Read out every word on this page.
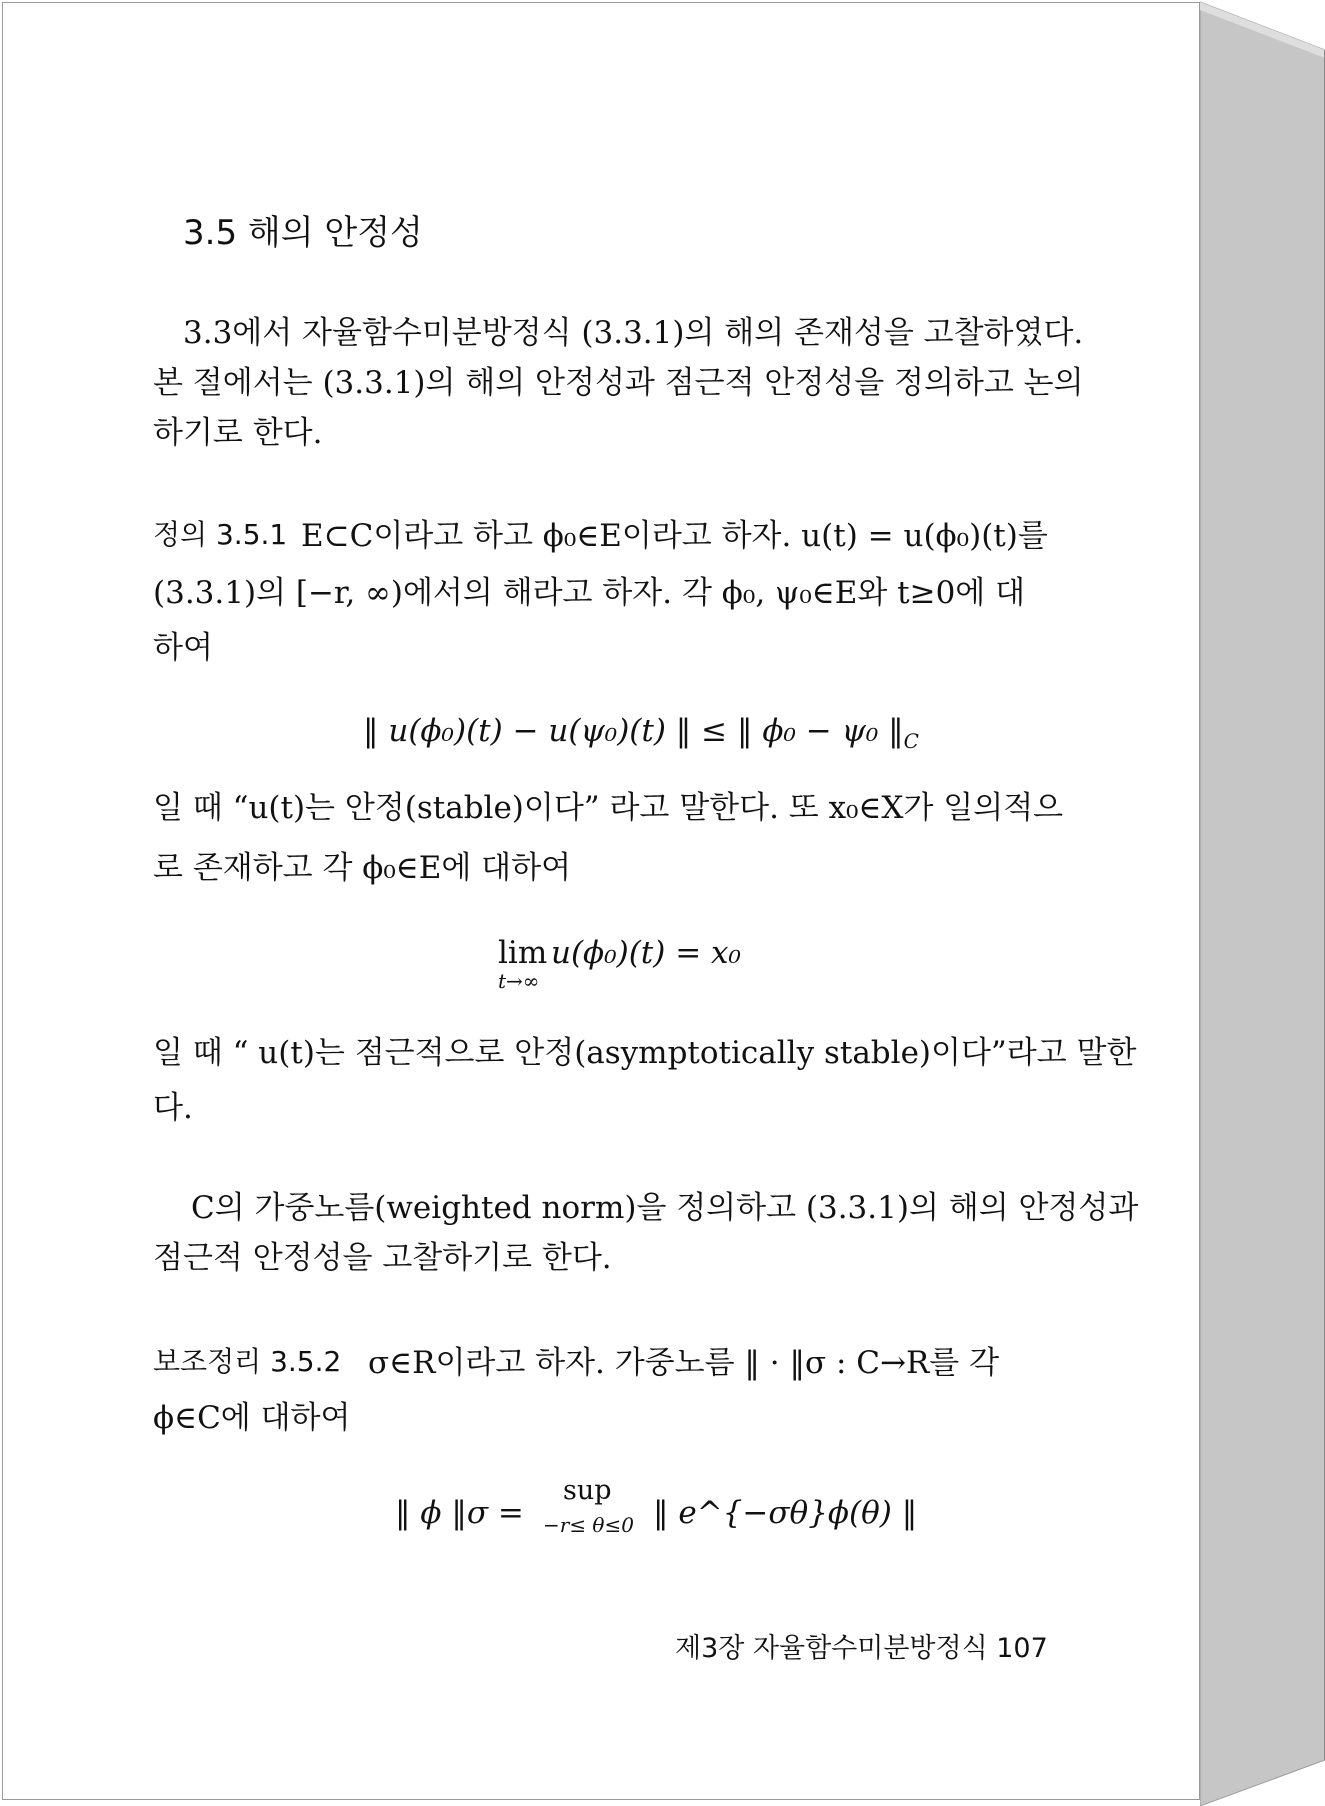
3.5 해의 안정성
3.3에서 자율함수미분방정식 (3.3.1)의 해의 존재성을 고찰하였다.
본 절에서는 (3.3.1)의 해의 안정성과 점근적 안정성을 정의하고 논의
하기로 한다.
정의 3.5.1 E⊂C이라고 하고 ϕ₀∈E이라고 하자. u(t) = u(ϕ₀)(t)를
(3.3.1)의 [−r, ∞)에서의 해라고 하자. 각 ϕ₀, ψ₀∈E와 t≥0에 대
하여
‖ u(ϕ₀)(t) − u(ψ₀)(t) ‖ ≤ ‖ ϕ₀ − ψ₀ $‖_C$
일 때 “u(t)는 안정(stable)이다” 라고 말한다. 또 x₀∈X가 일의적으
로 존재하고 각 ϕ₀∈E에 대하여
lim
t→∞
u(ϕ₀)(t) = x₀
일 때 “ u(t)는 점근적으로 안정(asymptotically stable)이다”라고 말한
다.
C의 가중노름(weighted norm)을 정의하고 (3.3.1)의 해의 안정성과
점근적 안정성을 고찰하기로 한다.
보조정리 3.5.2 σ∈R이라고 하자. 가중노름 ‖ · ‖σ : C→R를 각
ϕ∈C에 대하여
‖ ϕ ‖σ =
sup
−r≤ θ≤0 ‖ e^{−σθ}ϕ(θ) ‖
제3장 자율함수미분방정식 107
